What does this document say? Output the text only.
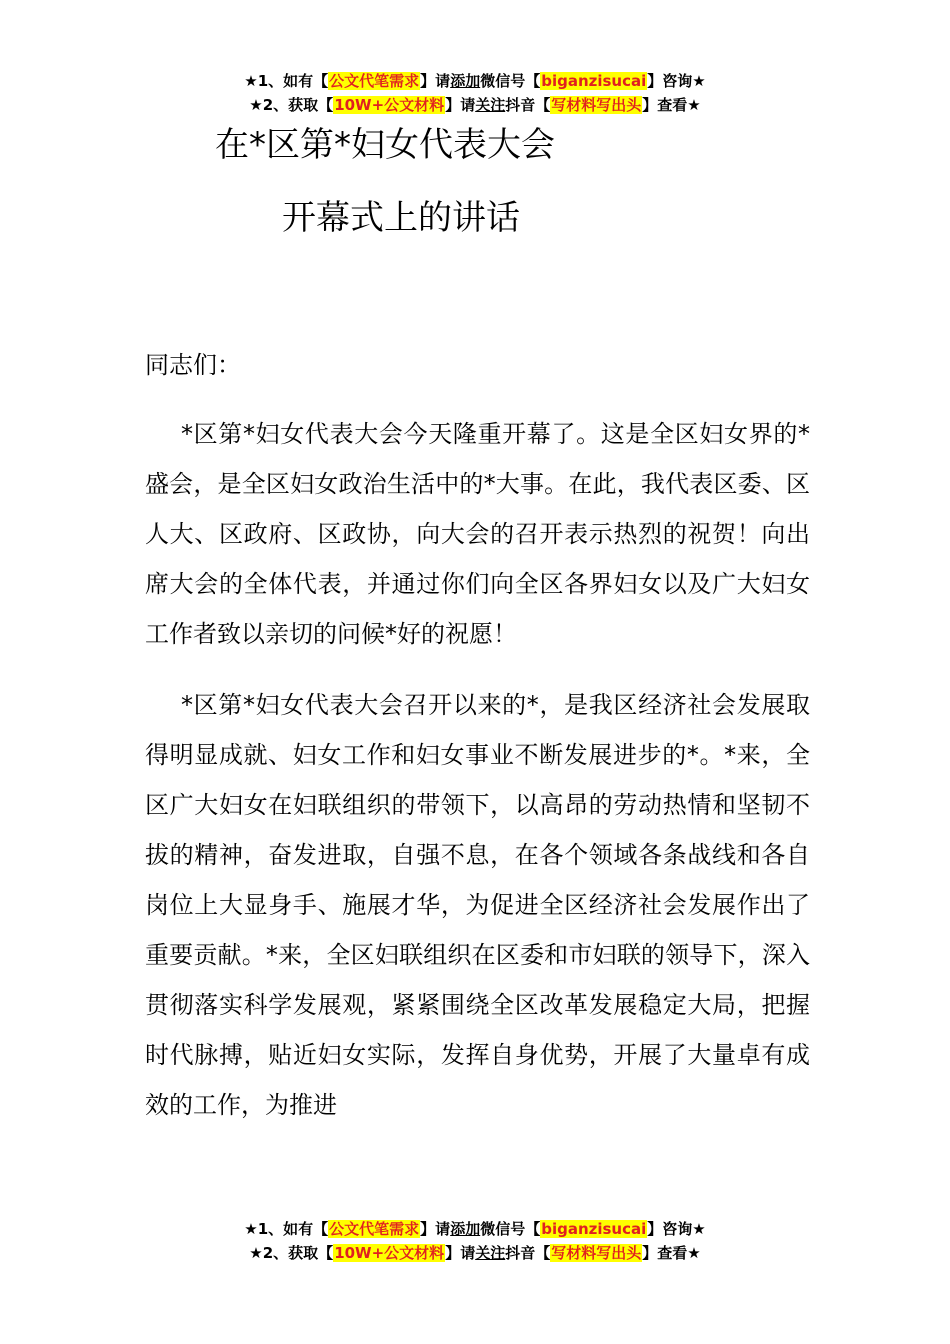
★1、如有【公文代笔需求】请添加微信号【biganzisucai】咨询★
★2、获取【10W+公文材料】请关注抖音【写材料写出头】查看★
在*区第*妇女代表大会
开幕式上的讲话

同志们：

*区第*妇女代表大会今天隆重开幕了。这是全区妇女界的*盛会，是全区妇女政治生活中的*大事。在此，我代表区委、区人大、区政府、区政协，向大会的召开表示热烈的祝贺！向出席大会的全体代表，并通过你们向全区各界妇女以及广大妇女工作者致以亲切的问候*好的祝愿！

*区第*妇女代表大会召开以来的*，是我区经济社会发展取得明显成就、妇女工作和妇女事业不断发展进步的*。*来，全区广大妇女在妇联组织的带领下，以高昂的劳动热情和坚韧不拔的精神，奋发进取，自强不息，在各个领域各条战线和各自岗位上大显身手、施展才华，为促进全区经济社会发展作出了重要贡献。*来，全区妇联组织在区委和市妇联的领导下，深入贯彻落实科学发展观，紧紧围绕全区改革发展稳定大局，把握时代脉搏，贴近妇女实际，发挥自身优势，开展了大量卓有成效的工作，为推进

★1、如有【公文代笔需求】请添加微信号【biganzisucai】咨询★
★2、获取【10W+公文材料】请关注抖音【写材料写出头】查看★
